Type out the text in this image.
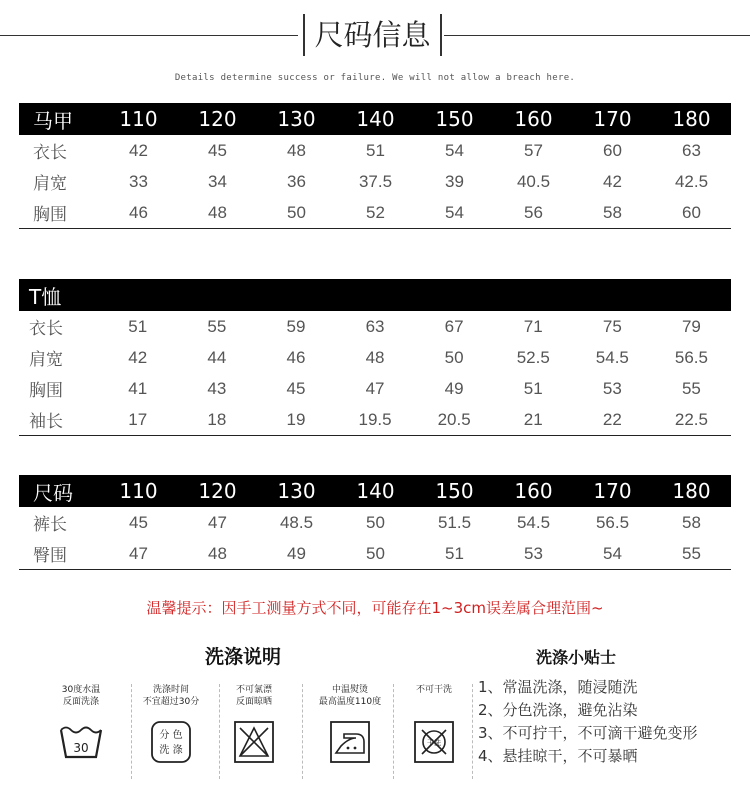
尺码信息
Details determine success or failure. We will not allow a breach here.
马甲	110	120	130	140	150	160	170	180
衣长	42	45	48	51	54	57	60	63
肩宽	33	34	36	37.5	39	40.5	42	42.5
胸围	46	48	50	52	54	56	58	60
T恤
衣长	51	55	59	63	67	71	75	79
肩宽	42	44	46	48	50	52.5	54.5	56.5
胸围	41	43	45	47	49	51	53	55
袖长	17	18	19	19.5	20.5	21	22	22.5
尺码	110	120	130	140	150	160	170	180
裤长	45	47	48.5	50	51.5	54.5	56.5	58
臀围	47	48	49	50	51	53	54	55
温馨提示：因手工测量方式不同，可能存在1~3cm误差属合理范围~
洗涤说明	洗涤小贴士
30度水温
反面洗涤
30
洗涤时间
不宜超过30分
分 色
洗 涤
不可氯漂
反面晾晒
中温熨烫
最高温度110度
不可干洗
干洗
1、常温洗涤，随浸随洗
2、分色洗涤，避免沾染
3、不可拧干，不可滴干避免变形
4、悬挂晾干，不可暴晒
